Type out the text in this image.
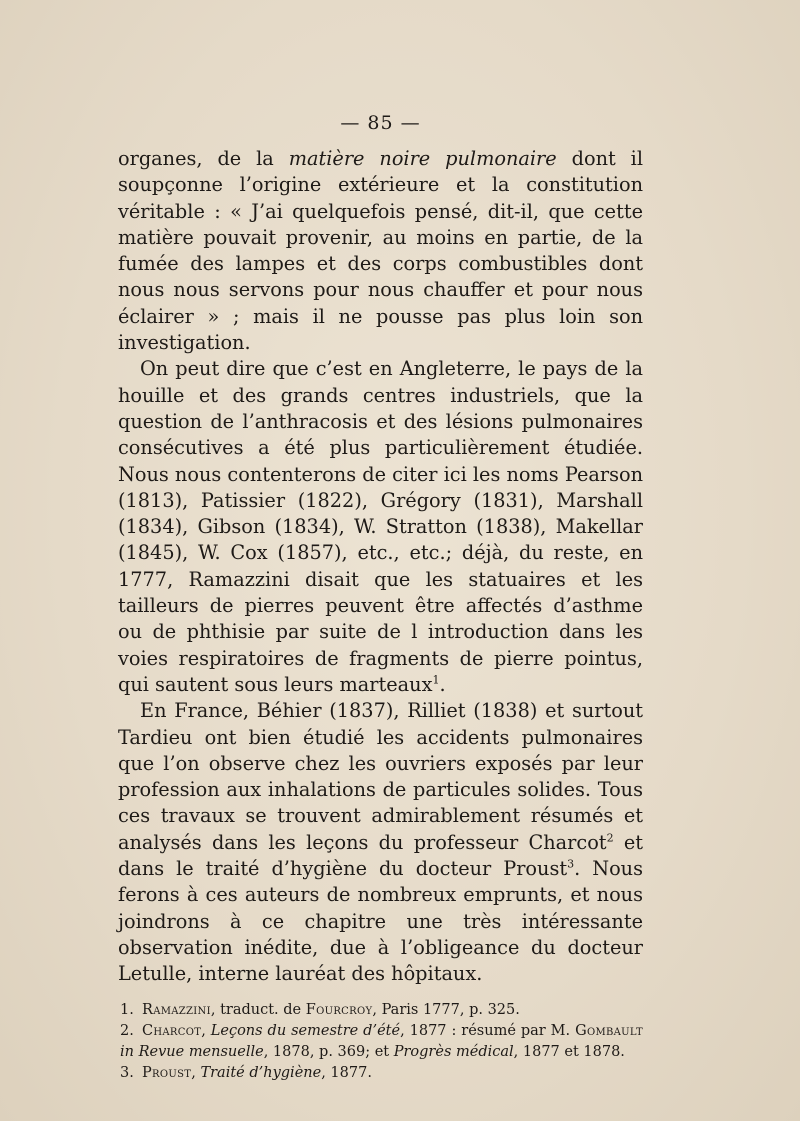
— 85 —

organes, de la matière noire pulmonaire dont il soupçonne l’origine extérieure et la constitution véritable : « J’ai quelquefois pensé, dit-il, que cette matière pouvait provenir, au moins en partie, de la fumée des lampes et des corps combustibles dont nous nous servons pour nous chauffer et pour nous éclairer » ; mais il ne pousse pas plus loin son investigation.

On peut dire que c’est en Angleterre, le pays de la houille et des grands centres industriels, que la question de l’anthracosis et des lésions pulmonaires consécutives a été plus particulièrement étudiée. Nous nous contenterons de citer ici les noms Pearson (1813), Patissier (1822), Grégory (1831), Marshall (1834), Gibson (1834), W. Stratton (1838), Makellar (1845), W. Cox (1857), etc., etc.; déjà, du reste, en 1777, Ramazzini disait que les statuaires et les tailleurs de pierres peuvent être affectés d’asthme ou de phthisie par suite de l introduction dans les voies respiratoires de fragments de pierre pointus, qui sautent sous leurs marteaux$^1$.

En France, Béhier (1837), Rilliet (1838) et surtout Tardieu ont bien étudié les accidents pulmonaires que l’on observe chez les ouvriers exposés par leur profession aux inhalations de particules solides. Tous ces travaux se trouvent admirablement résumés et analysés dans les leçons du professeur Charcot$^2$ et dans le traité d’hygiène du docteur Proust$^3$. Nous ferons à ces auteurs de nombreux emprunts, et nous joindrons à ce chapitre une très intéressante observation inédite, due à l’obligeance du docteur Letulle, interne lauréat des hôpitaux.

1. Ramazzini, traduct. de Fourcroy, Paris 1777, p. 325.

2. Charcot, Leçons du semestre d’été, 1877 : résumé par M. Gombault in Revue mensuelle, 1878, p. 369; et Progrès médical, 1877 et 1878.

3. Proust, Traité d’hygiène, 1877.
